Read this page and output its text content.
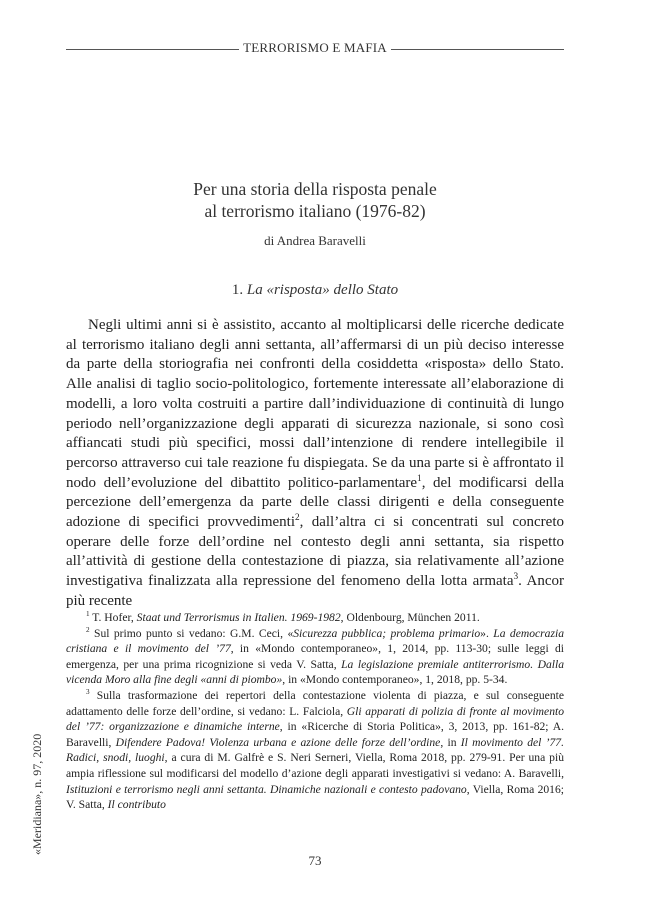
TERRORISMO E MAFIA
Per una storia della risposta penale
al terrorismo italiano (1976-82)
di Andrea Baravelli
1. La «risposta» dello Stato

Negli ultimi anni si è assistito, accanto al moltiplicarsi delle ricerche dedicate al terrorismo italiano degli anni settanta, all’affermarsi di un più deciso interesse da parte della storiografia nei confronti della cosiddetta «risposta» dello Stato. Alle analisi di taglio socio-politologico, fortemente interessate all’elaborazione di modelli, a loro volta costruiti a partire dall’individuazione di continuità di lungo periodo nell’organizzazione degli apparati di sicurezza nazionale, si sono così affiancati studi più specifici, mossi dall’intenzione di rendere intellegibile il percorso attraverso cui tale reazione fu dispiegata. Se da una parte si è affrontato il nodo dell’evoluzione del dibattito politico-parlamentare$^1$, del modificarsi della percezione dell’emergenza da parte delle classi dirigenti e della conseguente adozione di specifici provvedimenti$^2$, dall’altra ci si concentrati sul concreto operare delle forze dell’ordine nel contesto degli anni settanta, sia rispetto all’attività di gestione della contestazione di piazza, sia relativamente all’azione investigativa finalizzata alla repressione del fenomeno della lotta armata$^3$. Ancor più recente

$^1$ T. Hofer, Staat und Terrorismus in Italien. 1969-1982, Oldenbourg, München 2011.

$^2$ Sul primo punto si vedano: G.M. Ceci, «Sicurezza pubblica; problema primario». La democrazia cristiana e il movimento del ’77, in «Mondo contemporaneo», 1, 2014, pp. 113-30; sulle leggi di emergenza, per una prima ricognizione si veda V. Satta, La legislazione premiale antiterrorismo. Dalla vicenda Moro alla fine degli «anni di piombo», in «Mondo contemporaneo», 1, 2018, pp. 5-34.

$^3$ Sulla trasformazione dei repertori della contestazione violenta di piazza, e sul conseguente adattamento delle forze dell’ordine, si vedano: L. Falciola, Gli apparati di polizia di fronte al movimento del ’77: organizzazione e dinamiche interne, in «Ricerche di Storia Politica», 3, 2013, pp. 161-82; A. Baravelli, Difendere Padova! Violenza urbana e azione delle forze dell’ordine, in Il movimento del ’77. Radici, snodi, luoghi, a cura di M. Galfrè e S. Neri Serneri, Viella, Roma 2018, pp. 279-91. Per una più ampia riflessione sul modificarsi del modello d’azione degli apparati investigativi si vedano: A. Baravelli, Istituzioni e terrorismo negli anni settanta. Dinamiche nazionali e contesto padovano, Viella, Roma 2016; V. Satta, Il contributo

«Meridiana», n. 97, 2020
73
